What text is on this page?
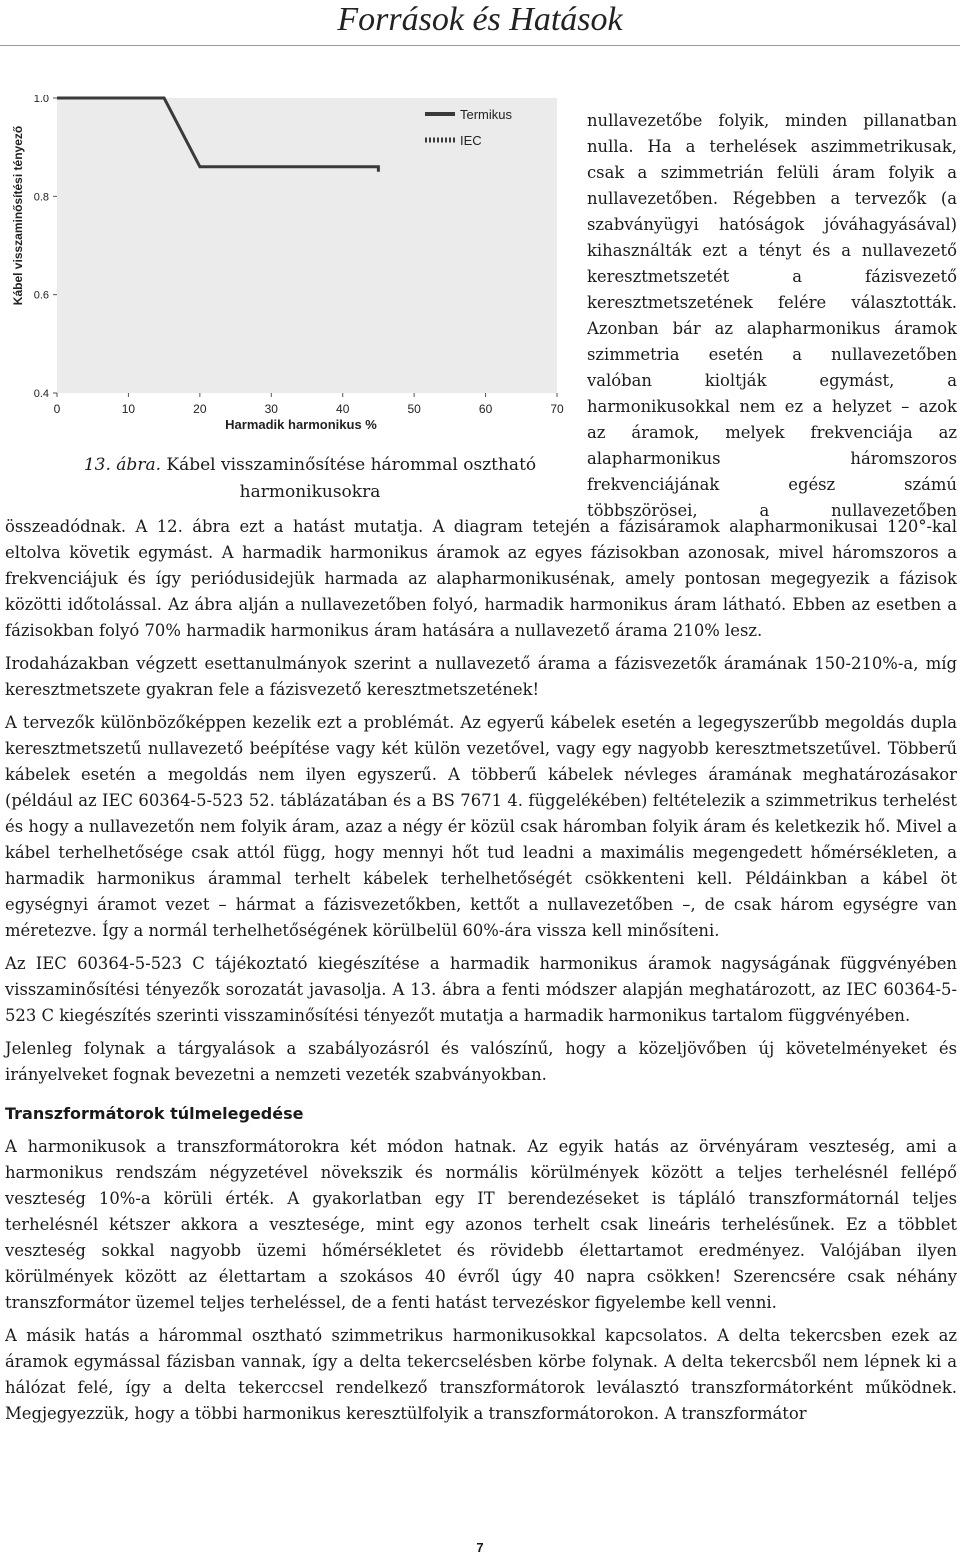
Források és Hatások
0	10	20	30	40	50	60	70
0.4
0.6
0.8
1.0
Harmadik harmonikus %
Kábel visszaminősítési tényező
Termikus
IEC
13. ábra. Kábel visszaminősítése hárommal osztható harmonikusokra

nullavezetőbe folyik, minden pillanatban

nulla. Ha a terhelések aszimmetrikusak,

csak a szimmetrián felüli áram folyik a

nullavezetőben. Régebben a tervezők (a

szabványügyi hatóságok jóváhagyásával)

kihasználták ezt a tényt és a nullavezető

keresztmetszetét a fázisvezető

keresztmetszetének felére választották.

Azonban bár az alapharmonikus áramok

szimmetria esetén a nullavezetőben

valóban kioltják egymást, a

harmonikusokkal nem ez a helyzet – azok

az áramok, melyek frekvenciája az

alapharmonikus háromszoros

frekvenciájának egész számú

többszörösei, a nullavezetőben

összeadódnak. A 12. ábra ezt a hatást mutatja. A diagram tetején a fázisáramok alapharmonikusai 120°-kal eltolva követik egymást. A harmadik harmonikus áramok az egyes fázisokban azonosak, mivel háromszoros a frekvenciájuk és így periódusidejük harmada az alapharmonikusénak, amely pontosan megegyezik a fázisok közötti időtolással. Az ábra alján a nullavezetőben folyó, harmadik harmonikus áram látható. Ebben az esetben a fázisokban folyó 70% harmadik harmonikus áram hatására a nullavezető árama 210% lesz.

Irodaházakban végzett esettanulmányok szerint a nullavezető árama a fázisvezetők áramának 150-210%-a, míg keresztmetszete gyakran fele a fázisvezető keresztmetszetének!

A tervezők különbözőképpen kezelik ezt a problémát. Az egyerű kábelek esetén a legegyszerűbb megoldás dupla keresztmetszetű nullavezető beépítése vagy két külön vezetővel, vagy egy nagyobb keresztmetszetűvel. Többerű kábelek esetén a megoldás nem ilyen egyszerű. A többerű kábelek névleges áramának meghatározásakor (például az IEC 60364-5-523 52. táblázatában és a BS 7671 4. függelékében) feltételezik a szimmetrikus terhelést és hogy a nullavezetőn nem folyik áram, azaz a négy ér közül csak háromban folyik áram és keletkezik hő. Mivel a kábel terhelhetősége csak attól függ, hogy mennyi hőt tud leadni a maximális megengedett hőmérsékleten, a harmadik harmonikus árammal terhelt kábelek terhelhetőségét csökkenteni kell. Példáinkban a kábel öt egységnyi áramot vezet – hármat a fázisvezetőkben, kettőt a nullavezetőben –, de csak három egységre van méretezve. Így a normál terhelhetőségének körülbelül 60%-ára vissza kell minősíteni.

Az IEC 60364-5-523 C tájékoztató kiegészítése a harmadik harmonikus áramok nagyságának függvényében visszaminősítési tényezők sorozatát javasolja. A 13. ábra a fenti módszer alapján meghatározott, az IEC 60364-5-523 C kiegészítés szerinti visszaminősítési tényezőt mutatja a harmadik harmonikus tartalom függvényében.

Jelenleg folynak a tárgyalások a szabályozásról és valószínű, hogy a közeljövőben új követelményeket és irányelveket fognak bevezetni a nemzeti vezeték szabványokban.

Transzformátorok túlmelegedése

A harmonikusok a transzformátorokra két módon hatnak. Az egyik hatás az örvényáram veszteség, ami a harmonikus rendszám négyzetével növekszik és normális körülmények között a teljes terhelésnél fellépő veszteség 10%-a körüli érték. A gyakorlatban egy IT berendezéseket is tápláló transzformátornál teljes terhelésnél kétszer akkora a vesztesége, mint egy azonos terhelt csak lineáris terhelésűnek. Ez a többlet veszteség sokkal nagyobb üzemi hőmérsékletet és rövidebb élettartamot eredményez. Valójában ilyen körülmények között az élettartam a szokásos 40 évről úgy 40 napra csökken! Szerencsére csak néhány transzformátor üzemel teljes terheléssel, de a fenti hatást tervezéskor figyelembe kell venni.

A másik hatás a hárommal osztható szimmetrikus harmonikusokkal kapcsolatos. A delta tekercsben ezek az áramok egymással fázisban vannak, így a delta tekercselésben körbe folynak. A delta tekercsből nem lépnek ki a hálózat felé, így a delta tekerccsel rendelkező transzformátorok leválasztó transzformátorként működnek. Megjegyezzük, hogy a többi harmonikus keresztülfolyik a transzformátorokon. A transzformátor

7
